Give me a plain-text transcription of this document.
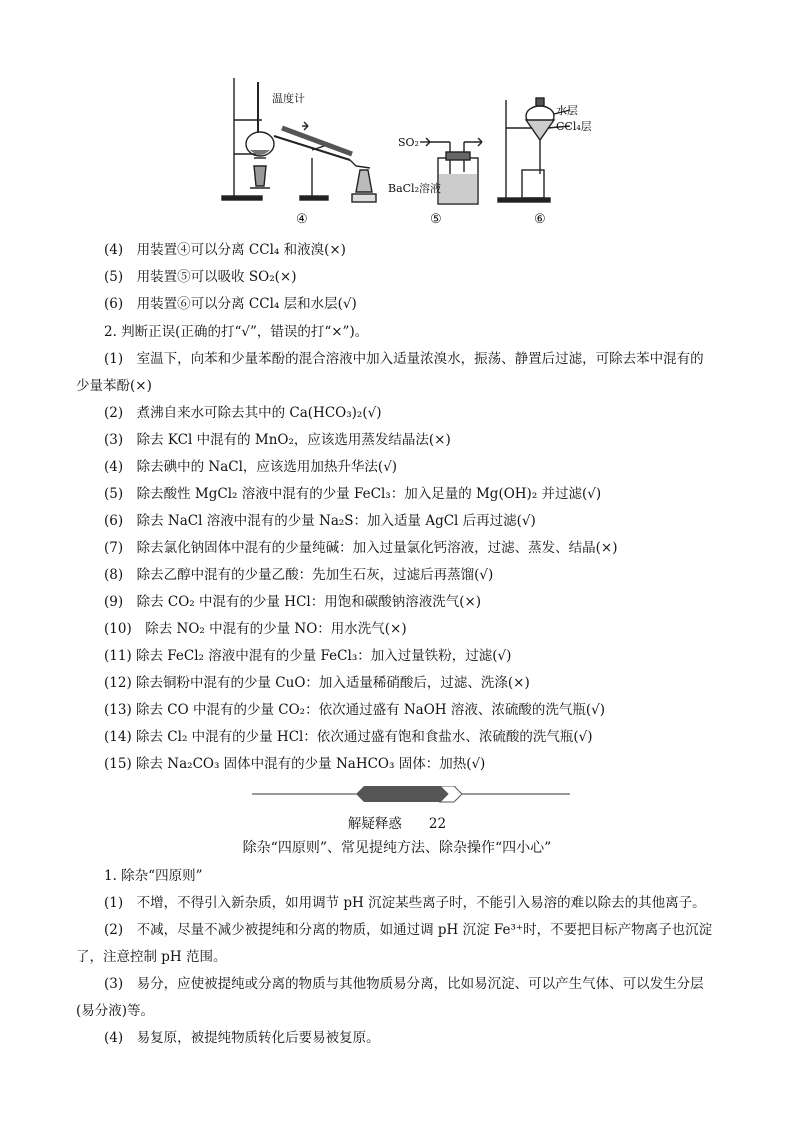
温度计
SO₂
BaCl₂溶液
水层
CCl₄层
④	⑤	⑥
(4)　用装置④可以分离 CCl₄ 和液溴(×)
(5)　用装置⑤可以吸收 SO₂(×)
(6)　用装置⑥可以分离 CCl₄ 层和水层(√)
2. 判断正误(正确的打“√”，错误的打“×”)。
(1)　室温下，向苯和少量苯酚的混合溶液中加入适量浓溴水，振荡、静置后过滤，可除去苯中混有的
少量苯酚(×)
(2)　煮沸自来水可除去其中的 Ca(HCO₃)₂(√)
(3)　除去 KCl 中混有的 MnO₂，应该选用蒸发结晶法(×)
(4)　除去碘中的 NaCl，应该选用加热升华法(√)
(5)　除去酸性 MgCl₂ 溶液中混有的少量 FeCl₃：加入足量的 Mg(OH)₂ 并过滤(√)
(6)　除去 NaCl 溶液中混有的少量 Na₂S：加入适量 AgCl 后再过滤(√)
(7)　除去氯化钠固体中混有的少量纯碱：加入过量氯化钙溶液，过滤、蒸发、结晶(×)
(8)　除去乙醇中混有的少量乙酸：先加生石灰，过滤后再蒸馏(√)
(9)　除去 CO₂ 中混有的少量 HCl：用饱和碳酸钠溶液洗气(×)
(10)　除去 NO₂ 中混有的少量 NO：用水洗气(×)
(11) 除去 FeCl₂ 溶液中混有的少量 FeCl₃：加入过量铁粉，过滤(√)
(12) 除去铜粉中混有的少量 CuO：加入适量稀硝酸后，过滤、洗涤(×)
(13) 除去 CO 中混有的少量 CO₂：依次通过盛有 NaOH 溶液、浓硫酸的洗气瓶(√)
(14) 除去 Cl₂ 中混有的少量 HCl：依次通过盛有饱和食盐水、浓硫酸的洗气瓶(√)
(15) 除去 Na₂CO₃ 固体中混有的少量 NaHCO₃ 固体：加热(√)
解疑释惑　　22
除杂“四原则”、常见提纯方法、除杂操作“四小心”
1. 除杂“四原则”
(1)　不增，不得引入新杂质，如用调节 pH 沉淀某些离子时，不能引入易溶的难以除去的其他离子。
(2)　不减，尽量不减少被提纯和分离的物质，如通过调 pH 沉淀 Fe³⁺时，不要把目标产物离子也沉淀
了，注意控制 pH 范围。
(3)　易分，应使被提纯或分离的物质与其他物质易分离，比如易沉淀、可以产生气体、可以发生分层
(易分液)等。
(4)　易复原，被提纯物质转化后要易被复原。
